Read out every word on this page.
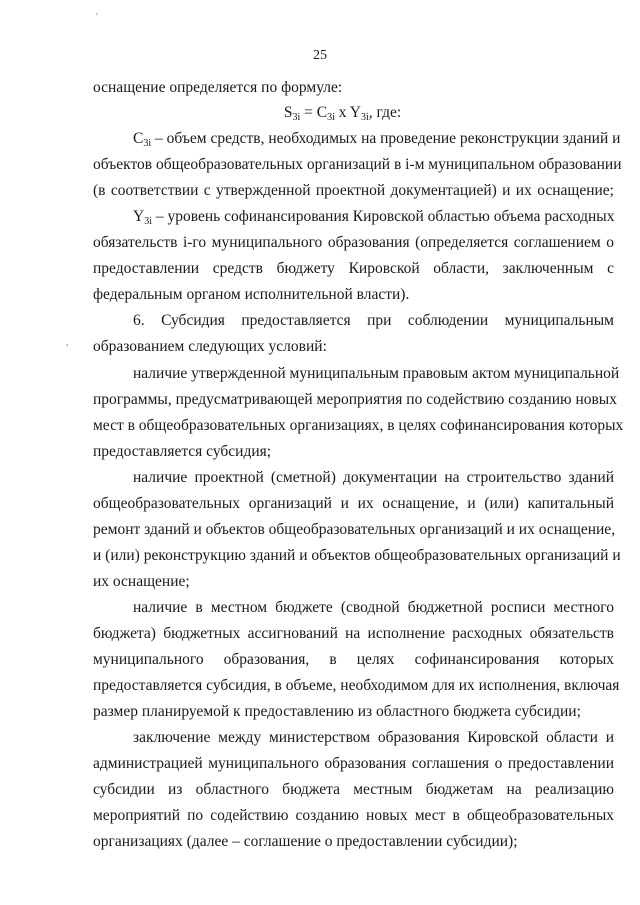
25
'
,
оснащение определяется по формуле:
$S_{3i} = C_{3i}$ x $Y_{3i}$, где:
$C_{3i}$ – объем средств, необходимых на проведение реконструкции зданий и
объектов общеобразовательных организаций в i-м муниципальном образовании
(в соответствии с утвержденной проектной документацией) и их оснащение;
$Y_{3i}$ – уровень софинансирования Кировской областью объема расходных
обязательств i-го муниципального образования (определяется соглашением о
предоставлении средств бюджету Кировской области, заключенным с
федеральным органом исполнительной власти).
6. Субсидия предоставляется при соблюдении муниципальным
образованием следующих условий:
наличие утвержденной муниципальным правовым актом муниципальной
программы, предусматривающей мероприятия по содействию созданию новых
мест в общеобразовательных организациях, в целях софинансирования которых
предоставляется субсидия;
наличие проектной (сметной) документации на строительство зданий
общеобразовательных организаций и их оснащение, и (или) капитальный
ремонт зданий и объектов общеобразовательных организаций и их оснащение,
и (или) реконструкцию зданий и объектов общеобразовательных организаций и
их оснащение;
наличие в местном бюджете (сводной бюджетной росписи местного
бюджета) бюджетных ассигнований на исполнение расходных обязательств
муниципального образования, в целях софинансирования которых
предоставляется субсидия, в объеме, необходимом для их исполнения, включая
размер планируемой к предоставлению из областного бюджета субсидии;
заключение между министерством образования Кировской области и
администрацией муниципального образования соглашения о предоставлении
субсидии из областного бюджета местным бюджетам на реализацию
мероприятий по содействию созданию новых мест в общеобразовательных
организациях (далее – соглашение о предоставлении субсидии);
